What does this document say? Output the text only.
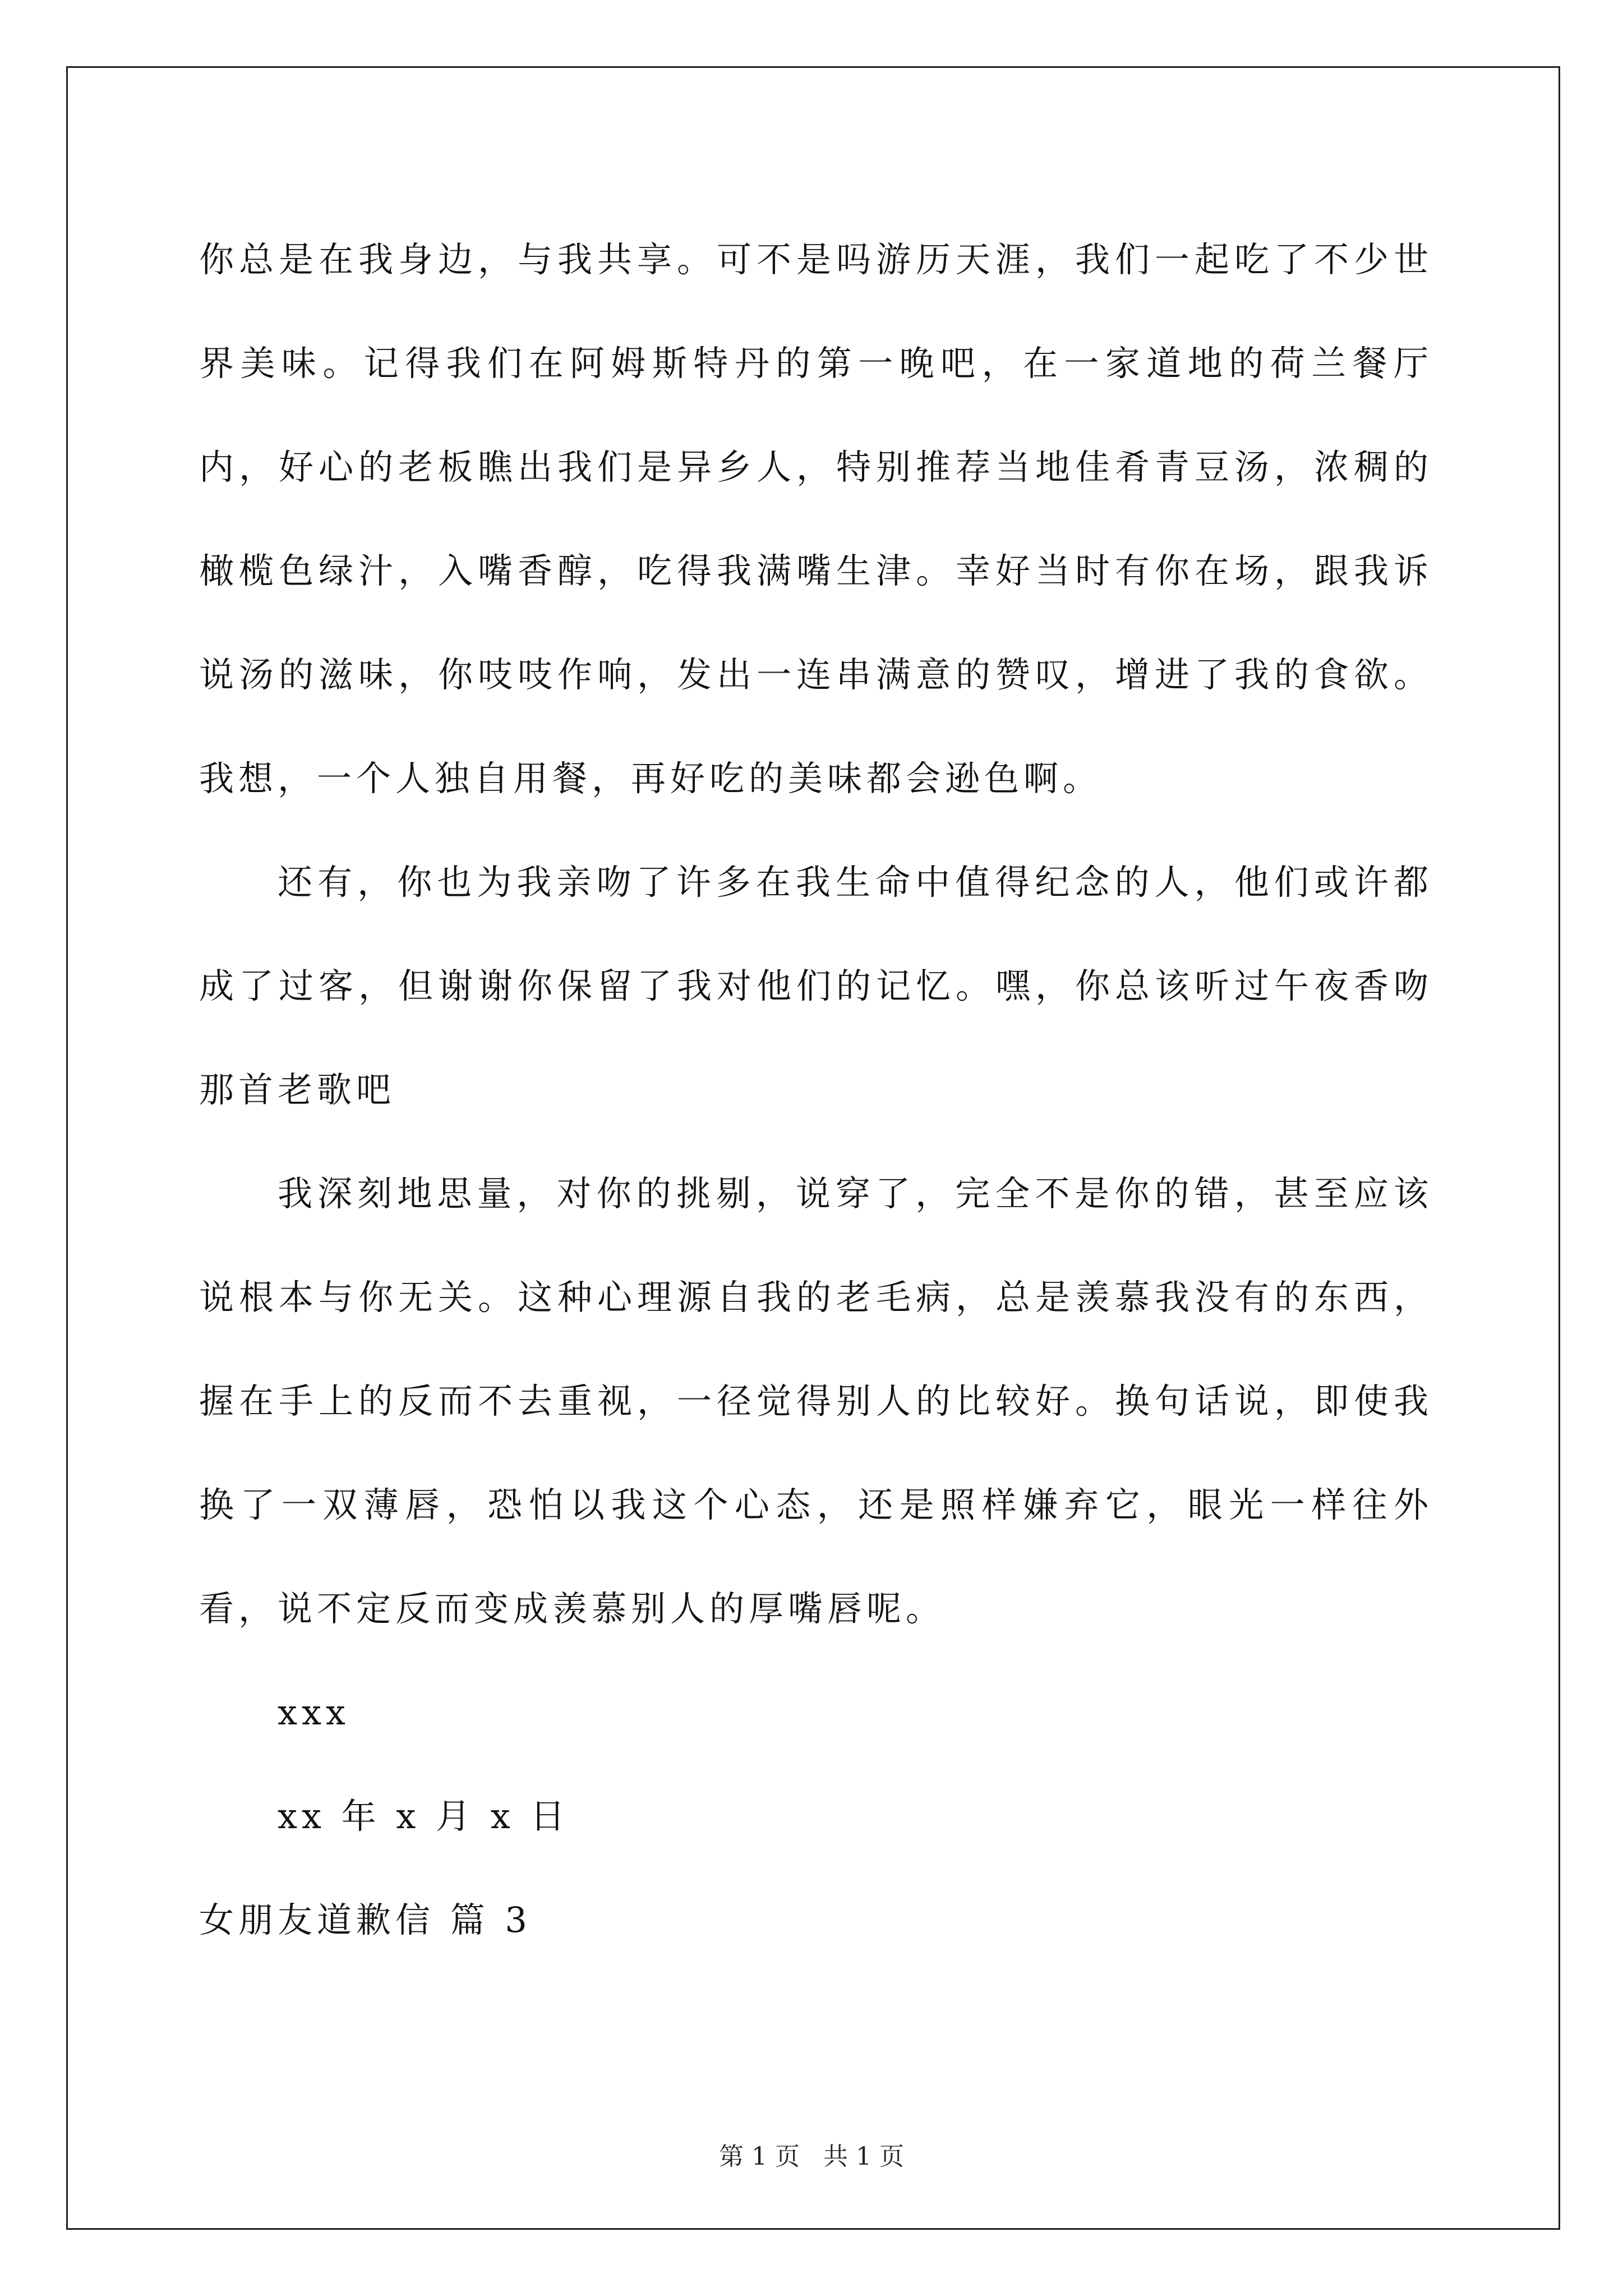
你总是在我身边，与我共享。可不是吗游历天涯，我们一起吃了不少世界美味。记得我们在阿姆斯特丹的第一晚吧，在一家道地的荷兰餐厅内，好心的老板瞧出我们是异乡人，特别推荐当地佳肴青豆汤，浓稠的橄榄色绿汁，入嘴香醇，吃得我满嘴生津。幸好当时有你在场，跟我诉说汤的滋味，你吱吱作响，发出一连串满意的赞叹，增进了我的食欲。我想，一个人独自用餐，再好吃的美味都会逊色啊。

还有，你也为我亲吻了许多在我生命中值得纪念的人，他们或许都成了过客，但谢谢你保留了我对他们的记忆。嘿，你总该听过午夜香吻那首老歌吧

我深刻地思量，对你的挑剔，说穿了，完全不是你的错，甚至应该说根本与你无关。这种心理源自我的老毛病，总是羡慕我没有的东西，握在手上的反而不去重视，一径觉得别人的比较好。换句话说，即使我换了一双薄唇，恐怕以我这个心态，还是照样嫌弃它，眼光一样往外看，说不定反而变成羡慕别人的厚嘴唇呢。

xxx

xx 年 x 月 x 日

女朋友道歉信 篇 3

第 1 页   共 1 页
